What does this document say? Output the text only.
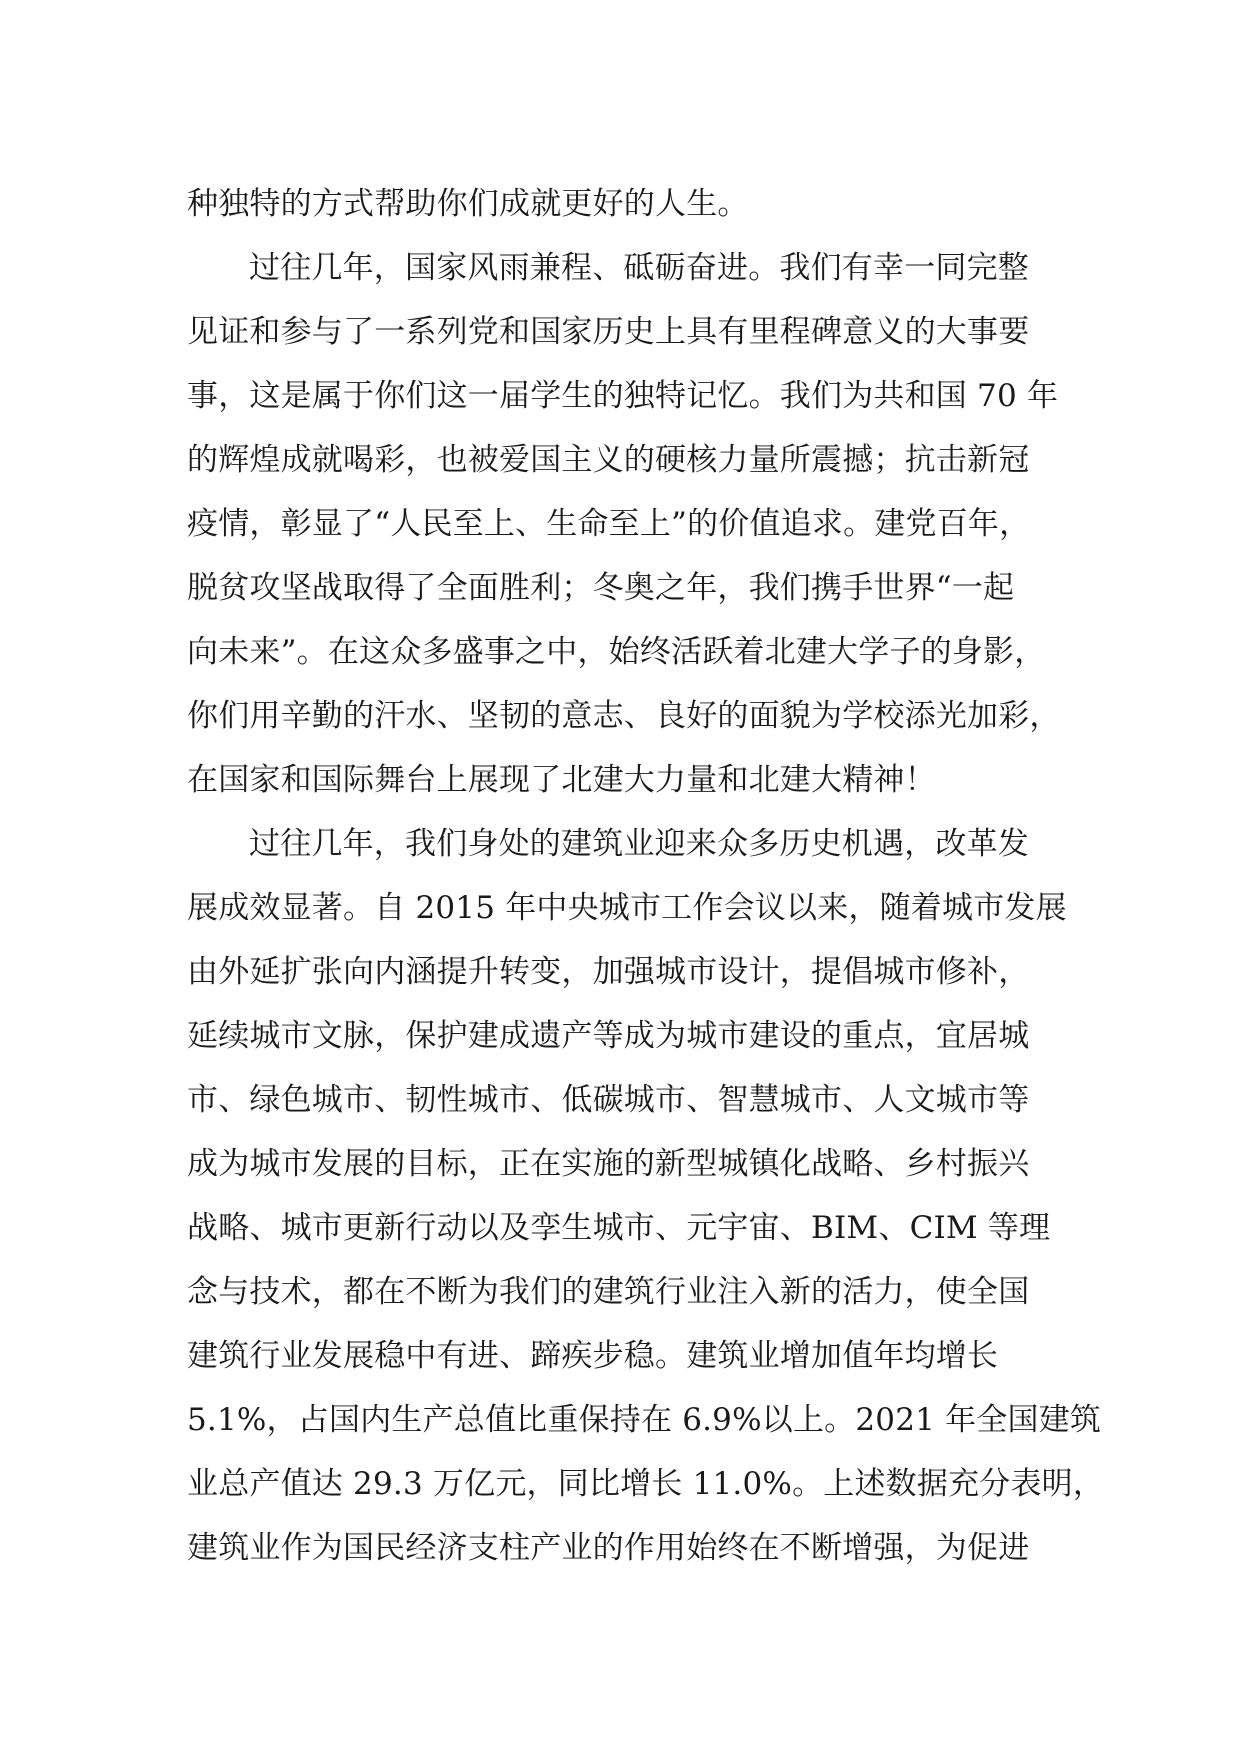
种独特的方式帮助你们成就更好的人生。
过往几年，国家风雨兼程、砥砺奋进。我们有幸一同完整
见证和参与了一系列党和国家历史上具有里程碑意义的大事要
事，这是属于你们这一届学生的独特记忆。我们为共和国 70 年
的辉煌成就喝彩，也被爱国主义的硬核力量所震撼；抗击新冠
疫情，彰显了“人民至上、生命至上”的价值追求。建党百年，
脱贫攻坚战取得了全面胜利；冬奥之年，我们携手世界“一起
向未来”。在这众多盛事之中，始终活跃着北建大学子的身影，
你们用辛勤的汗水、坚韧的意志、良好的面貌为学校添光加彩，
在国家和国际舞台上展现了北建大力量和北建大精神！
过往几年，我们身处的建筑业迎来众多历史机遇，改革发
展成效显著。自 2015 年中央城市工作会议以来，随着城市发展
由外延扩张向内涵提升转变，加强城市设计，提倡城市修补，
延续城市文脉，保护建成遗产等成为城市建设的重点，宜居城
市、绿色城市、韧性城市、低碳城市、智慧城市、人文城市等
成为城市发展的目标，正在实施的新型城镇化战略、乡村振兴
战略、城市更新行动以及孪生城市、元宇宙、BIM、CIM 等理
念与技术，都在不断为我们的建筑行业注入新的活力，使全国
建筑行业发展稳中有进、蹄疾步稳。建筑业增加值年均增长
5.1%，占国内生产总值比重保持在 6.9%以上。2021 年全国建筑
业总产值达 29.3 万亿元，同比增长 11.0%。上述数据充分表明，
建筑业作为国民经济支柱产业的作用始终在不断增强，为促进
